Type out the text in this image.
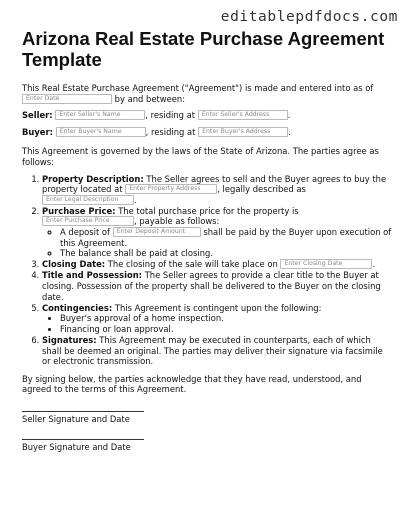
editablepdfdocs.com
Arizona Real Estate Purchase Agreement Template

This Real Estate Purchase Agreement ("Agreement") is made and entered into as of Enter Date	by and between:

Seller: Enter Seller's Name	, residing at Enter Seller's Address .

Buyer: Enter Buyer's Name	, residing at Enter Buyer's Address .

This Agreement is governed by the laws of the State of Arizona. The parties agree as follows:

1. Property Description: The Seller agrees to sell and the Buyer agrees to buy the property located at Enter Property Address , legally described as Enter Legal Description .
2. Purchase Price: The total purchase price for the property is Enter Purchase Price	, payable as follows:
◦ A deposit of Enter Deposit Amount shall be paid by the Buyer upon execution of this Agreement.
◦ The balance shall be paid at closing.
3. Closing Date: The closing of the sale will take place on Enter Closing Date	.
4. Title and Possession: The Seller agrees to provide a clear title to the Buyer at closing. Possession of the property shall be delivered to the Buyer on the closing date.
5. Contingencies: This Agreement is contingent upon the following:
• Buyer's approval of a home inspection.
• Financing or loan approval.
6. Signatures: This Agreement may be executed in counterparts, each of which shall be deemed an original. The parties may deliver their signature via facsimile or electronic transmission.

By signing below, the parties acknowledge that they have read, understood, and agreed to the terms of this Agreement.

Seller Signature and Date
Buyer Signature and Date
